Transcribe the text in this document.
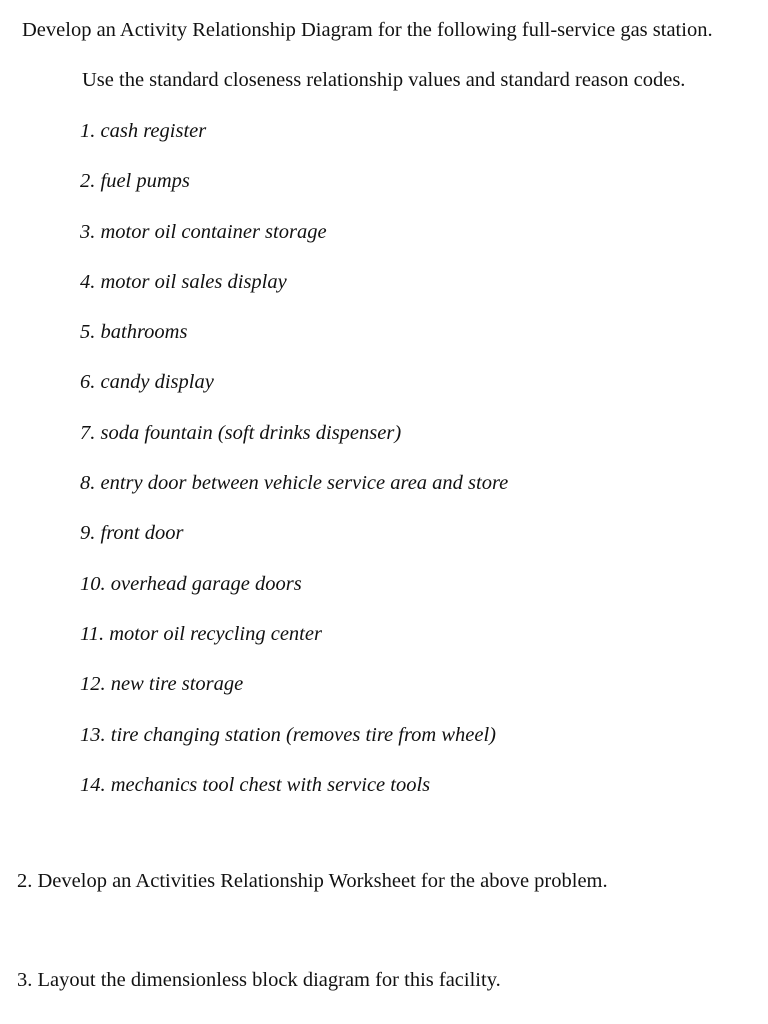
Develop an Activity Relationship Diagram for the following full-service gas station.
Use the standard closeness relationship values and standard reason codes.
1. cash register
2. fuel pumps
3. motor oil container storage
4. motor oil sales display
5. bathrooms
6. candy display
7. soda fountain (soft drinks dispenser)
8. entry door between vehicle service area and store
9. front door
10. overhead garage doors
11. motor oil recycling center
12. new tire storage
13. tire changing station (removes tire from wheel)
14. mechanics tool chest with service tools
2. Develop an Activities Relationship Worksheet for the above problem.
3. Layout the dimensionless block diagram for this facility.
